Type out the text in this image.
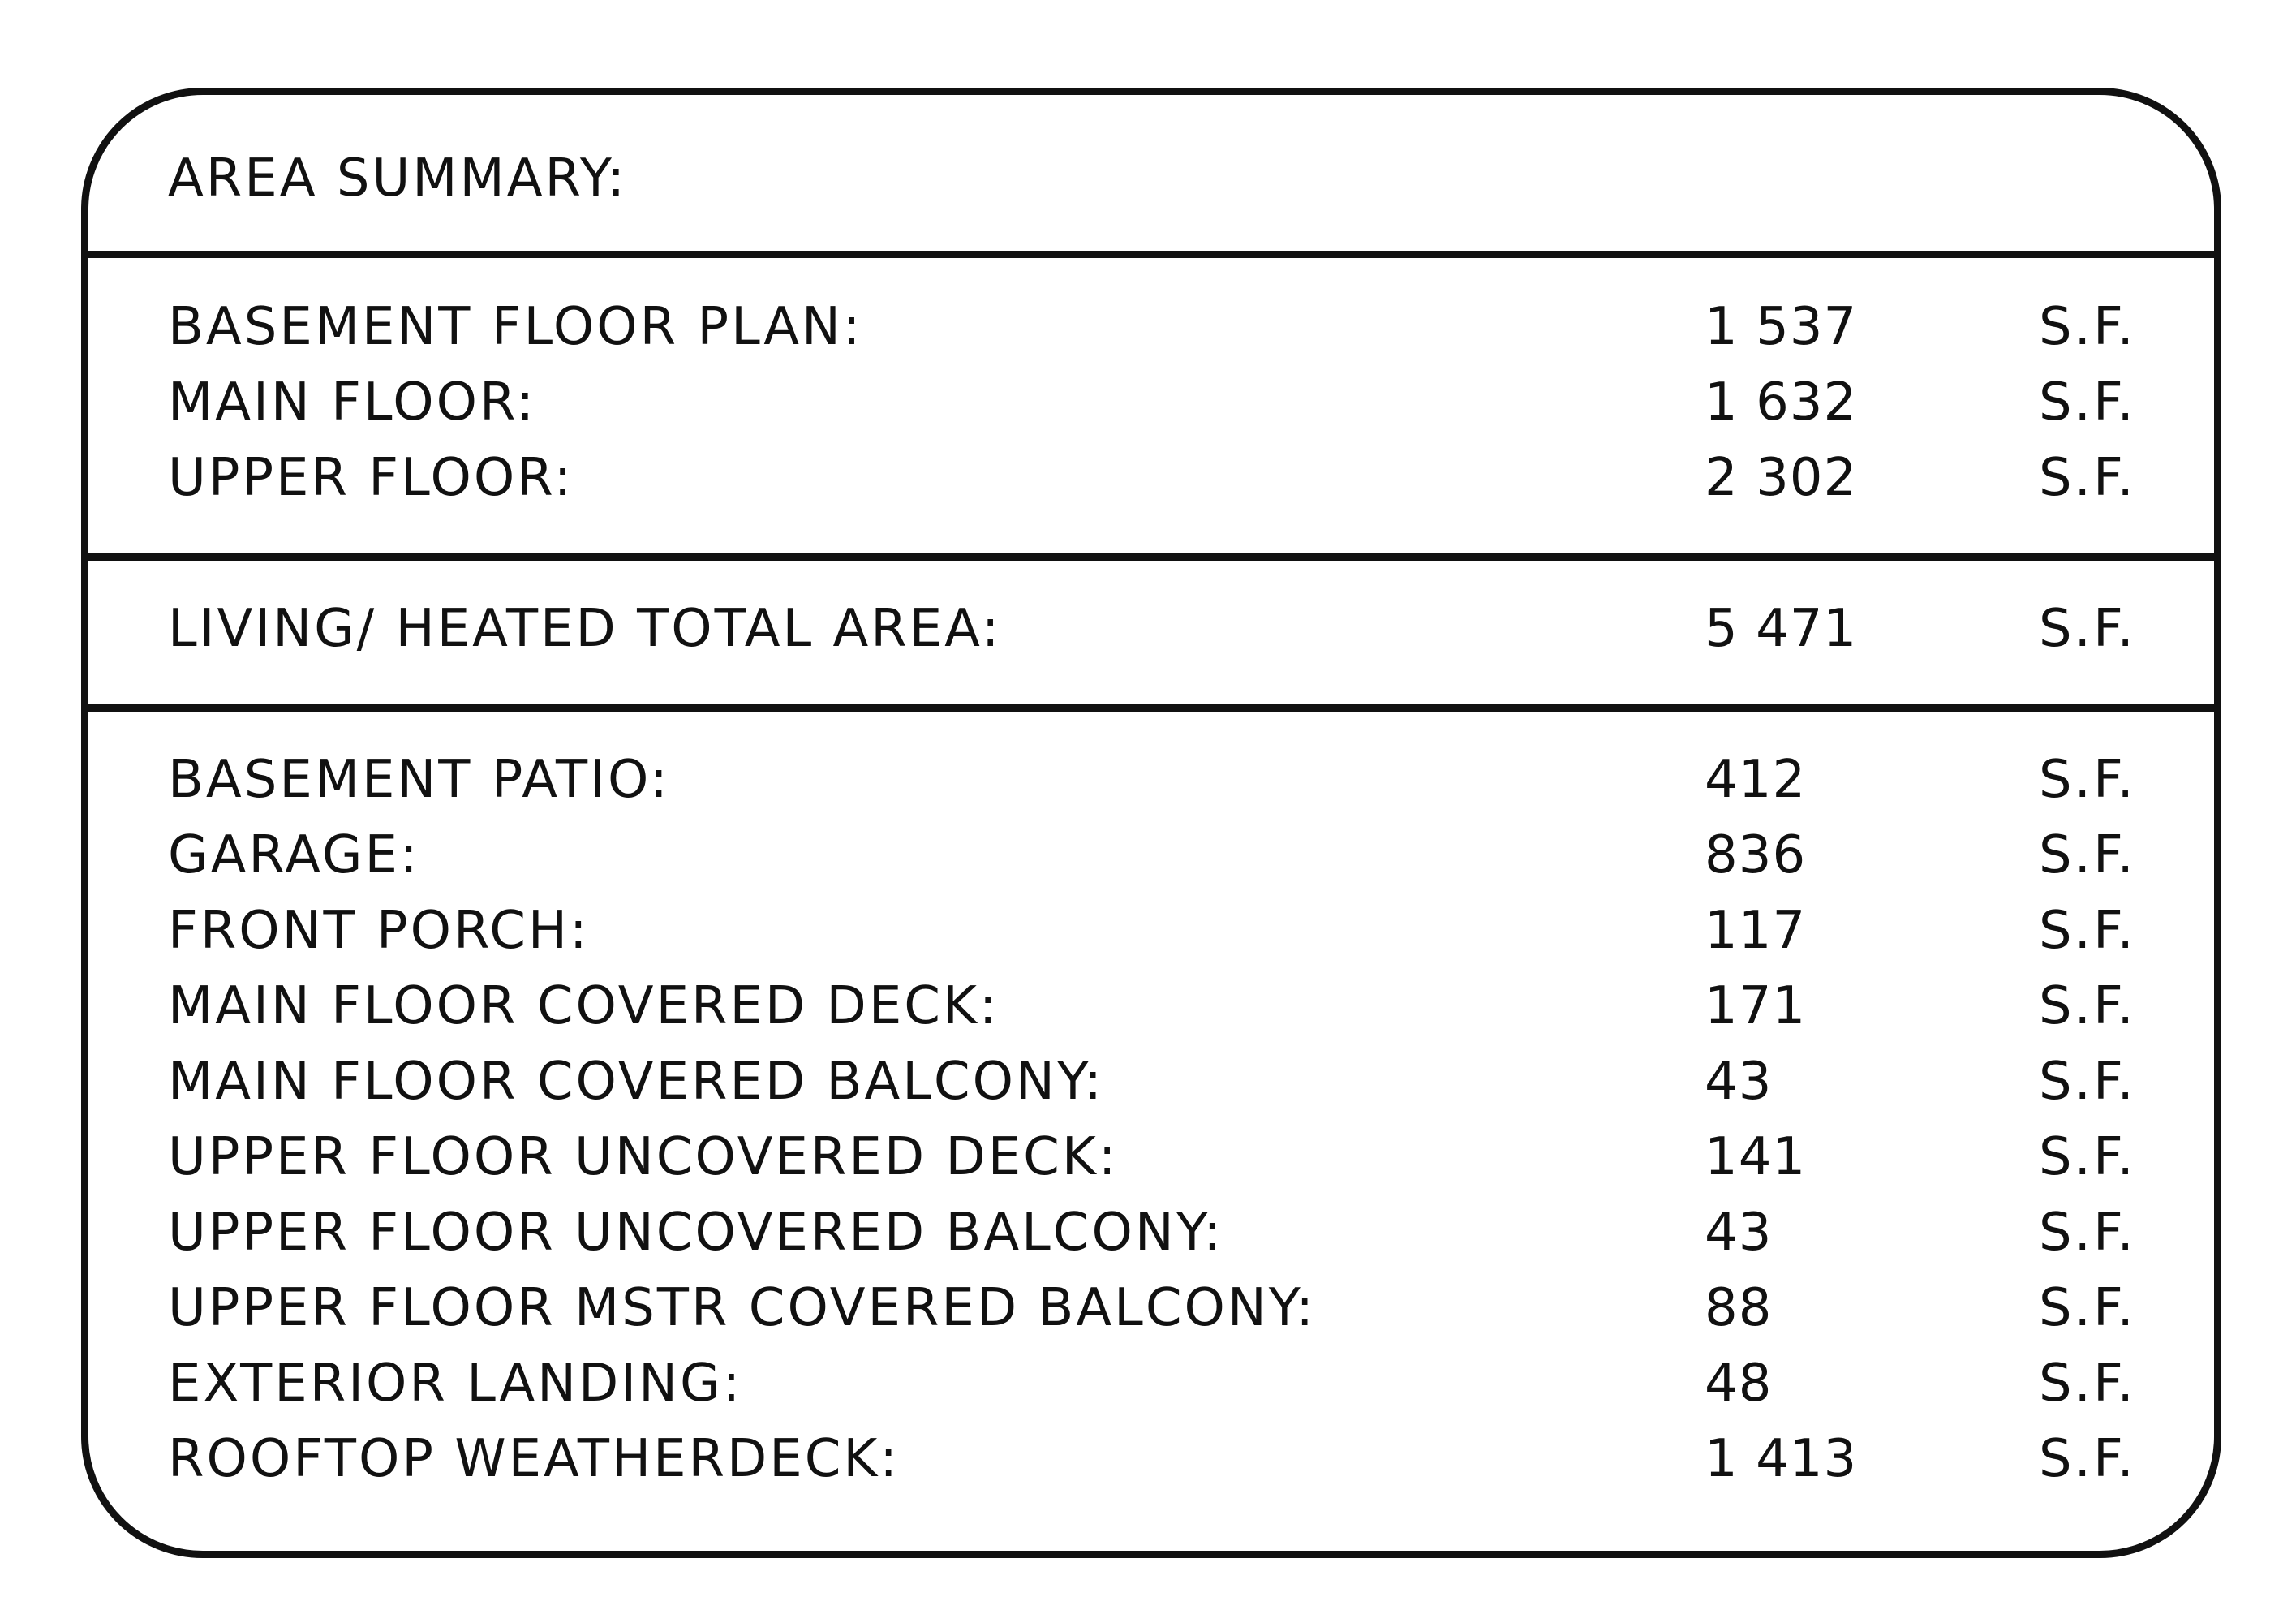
AREA SUMMARY:
BASEMENT FLOOR PLAN:	1 537	S.F.
MAIN FLOOR:	1 632	S.F.
UPPER FLOOR:	2 302	S.F.
LIVING/ HEATED TOTAL AREA:	5 471	S.F.
BASEMENT PATIO:	412	S.F.
GARAGE:	836	S.F.
FRONT PORCH:	117	S.F.
MAIN FLOOR COVERED DECK:	171	S.F.
MAIN FLOOR COVERED BALCONY:	43	S.F.
UPPER FLOOR UNCOVERED DECK:	141	S.F.
UPPER FLOOR UNCOVERED BALCONY:	43	S.F.
UPPER FLOOR MSTR COVERED BALCONY:	88	S.F.
EXTERIOR LANDING:	48	S.F.
ROOFTOP WEATHERDECK:	1 413	S.F.
